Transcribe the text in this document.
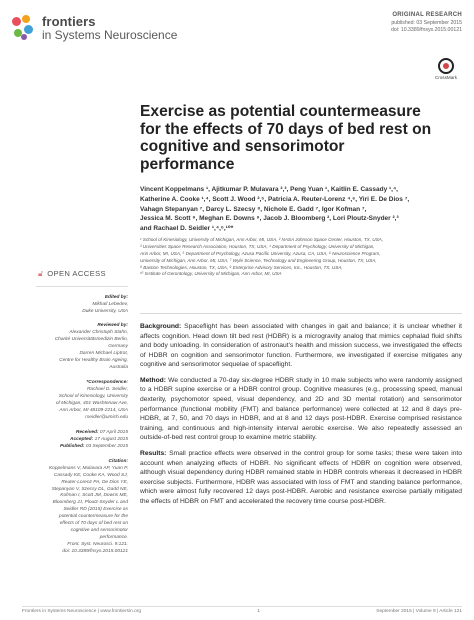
frontiers
in Systems Neuroscience
ORIGINAL RESEARCH
published: 03 September 2015
doi: 10.3389/fnsys.2015.00121
CrossMark
Exercise as potential countermeasure for the effects of 70 days of bed rest on cognitive and sensorimotor performance
Vincent Koppelmans ¹, Ajitkumar P. Mulavara ²,³, Peng Yuan ¹, Kaitlin E. Cassady ¹,⁴,
Katherine A. Cooke ¹,⁴, Scott J. Wood ²,⁵, Patricia A. Reuter-Lorenz ⁴,⁶, Yiri E. De Dios ⁷,
Vahagn Stepanyan ⁷, Darcy L. Szecsy ⁸, Nichole E. Gadd ⁷, Igor Kofman ⁷,
Jessica M. Scott ⁹, Meghan E. Downs ⁹, Jacob J. Bloomberg ², Lori Ploutz-Snyder ²,³
and Rachael D. Seidler ¹,⁴,⁶,¹⁰*
¹ School of Kinesiology, University of Michigan, Ann Arbor, MI, USA, ² NASA Johnson Space Center, Houston, TX, USA,
³ Universities Space Research Association, Houston, TX, USA, ⁴ Department of Psychology, University of Michigan,
Ann Arbor, MI, USA, ⁵ Department of Psychology, Azusa Pacific University, Azusa, CA, USA, ⁶ Neuroscience Program,
University of Michigan, Ann Arbor, MI, USA, ⁷ Wyle Science, Technology and Engineering Group, Houston, TX, USA,
⁸ Bastion Technologies, Houston, TX, USA, ⁹ Enterprise Advisory Services, Inc., Houston, TX, USA,
¹⁰ Institute of Gerontology, University of Michigan, Ann Arbor, MI, USA

Background: Spaceflight has been associated with changes in gait and balance; it is unclear whether it affects cognition. Head down tilt bed rest (HDBR) is a microgravity analog that mimics cephalad fluid shifts and body unloading. In consideration of astronaut's health and mission success, we investigated the effects of HDBR on cognition and sensorimotor function. Furthermore, we investigated if exercise mitigates any cognitive and sensorimotor sequelae of spaceflight.

Method: We conducted a 70-day six-degree HDBR study in 10 male subjects who were randomly assigned to a HDBR supine exercise or a HDBR control group. Cognitive measures (e.g., processing speed, manual dexterity, psychomotor speed, visual dependency, and 2D and 3D mental rotation) and sensorimotor performance (functional mobility (FMT) and balance performance) were collected at 12 and 8 days pre-HDBR, at 7, 50, and 70 days in HDBR, and at 8 and 12 days post-HDBR. Exercise comprised resistance training, and continuous and high-intensity interval aerobic exercise. We also repeatedly assessed an outside-of-bed rest control group to examine metric stability.

Results: Small practice effects were observed in the control group for some tasks; these were taken into account when analyzing effects of HDBR. No significant effects of HDBR on cognition were observed, although visual dependency during HDBR remained stable in HDBR controls whereas it decreased in HDBR exercise subjects. Furthermore, HDBR was associated with loss of FMT and standing balance performance, which were almost fully recovered 12 days post-HDBR. Aerobic and resistance exercise partially mitigated the effects of HDBR on FMT and accelerated the recovery time course post-HDBR.

🔓︎ OPEN ACCESS
Edited by:
Mikhail Lebedev,
Duke University, USA
Reviewed by:
Alexander Christoph Stahn,
Charité Universitätsmedizin Berlin,
Germany
Darren Michael Liptrot,
Centre for Healthy Brain Ageing,
Australia
*Correspondence:
Rachael D. Seidler,
School of Kinesiology, University
of Michigan, 401 Washtenaw Ave,
Ann Arbor, MI 48109-2214, USA
rseidler@umich.edu
Received: 07 April 2015
Accepted: 17 August 2015
Published: 03 September 2015
Citation:
Koppelmans V, Mulavara AP, Yuan P,
Cassady KE, Cooke KA, Wood SJ,
Reuter-Lorenz PA, De Dios YE,
Stepanyan V, Szecsy DL, Gadd NE,
Kofman I, Scott JM, Downs ME,
Bloomberg JJ, Ploutz-Snyder L and
Seidler RD (2015) Exercise as
potential countermeasure for the
effects of 70 days of bed rest on
cognitive and sensorimotor
performance.
Front. Syst. Neurosci. 9:121.
doi: 10.3389/fnsys.2015.00121
Frontiers in Systems Neuroscience | www.frontiersin.org	1	September 2015 | Volume 9 | Article 121
